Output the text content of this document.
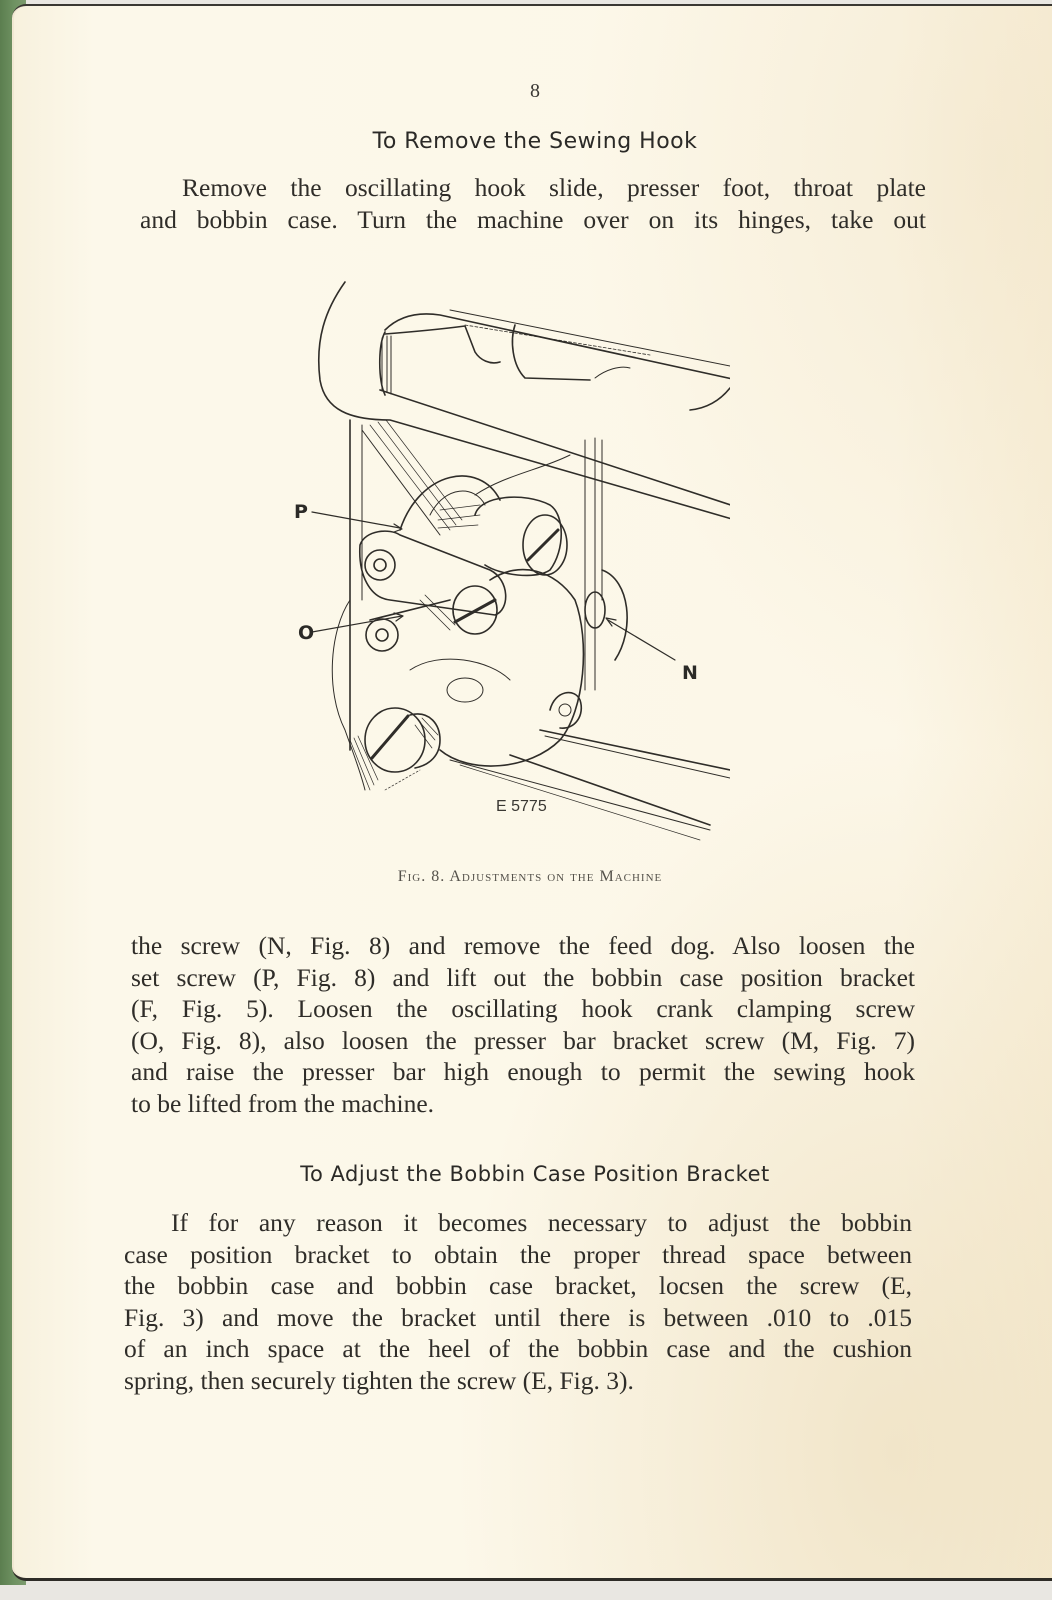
8
To Remove the Sewing Hook
Remove the oscillating hook slide, presser foot, throat plate
and bobbin case. Turn the machine over on its hinges, take out
P
O
N
E 5775
Fig. 8. Adjustments on the Machine
the screw (N, Fig. 8) and remove the feed dog. Also loosen the
set screw (P, Fig. 8) and lift out the bobbin case position bracket
(F, Fig. 5). Loosen the oscillating hook crank clamping screw
(O, Fig. 8), also loosen the presser bar bracket screw (M, Fig. 7)
and raise the presser bar high enough to permit the sewing hook
to be lifted from the machine.
To Adjust the Bobbin Case Position Bracket
If for any reason it becomes necessary to adjust the bobbin
case position bracket to obtain the proper thread space between
the bobbin case and bobbin case bracket, locsen the screw (E,
Fig. 3) and move the bracket until there is between .010 to .015
of an inch space at the heel of the bobbin case and the cushion
spring, then securely tighten the screw (E, Fig. 3).
